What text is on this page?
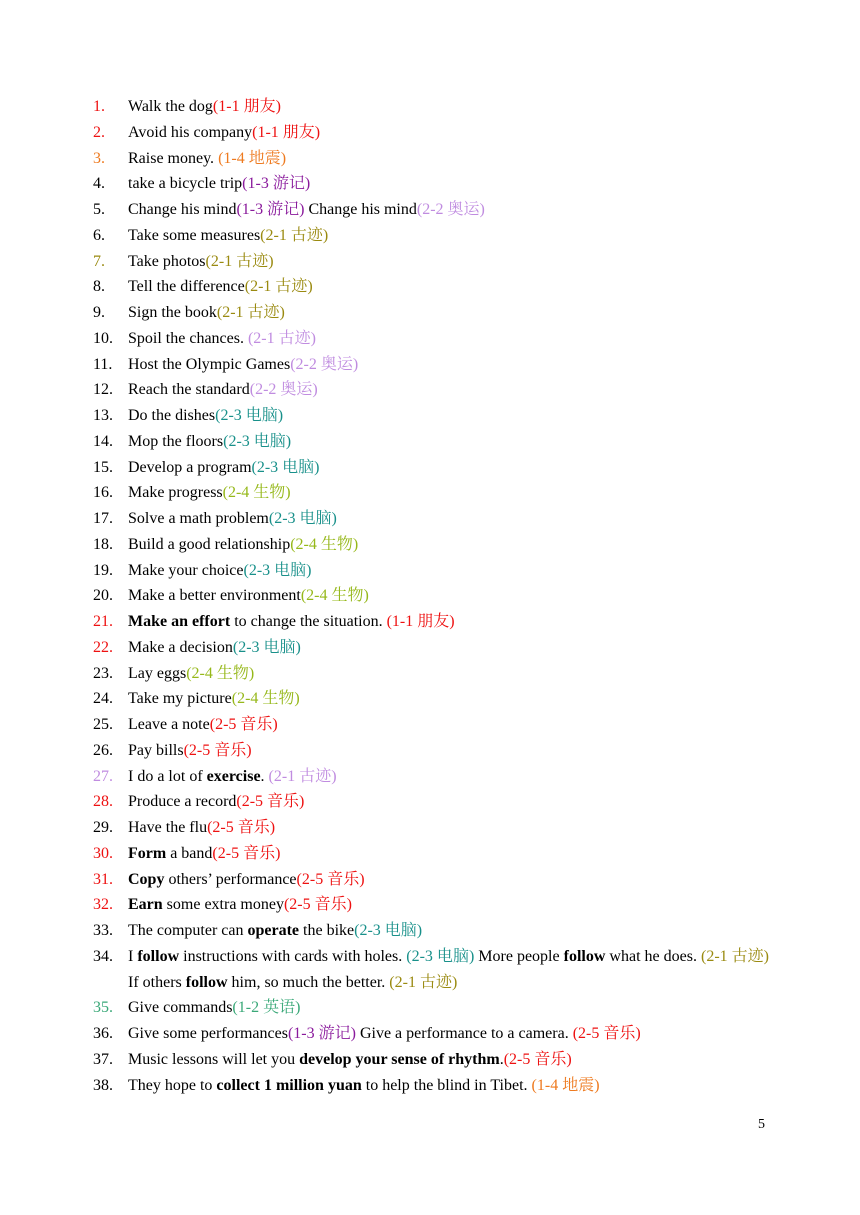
1.	Walk the dog(1-1 朋友)
2.	Avoid his company(1-1 朋友)
3.	Raise money. (1-4 地震)
4.	take a bicycle trip(1-3 游记)
5.	Change his mind(1-3 游记) Change his mind(2-2 奥运)
6.	Take some measures(2-1 古迹)
7.	Take photos(2-1 古迹)
8.	Tell the difference(2-1 古迹)
9.	Sign the book(2-1 古迹)
10. Spoil the chances. (2-1 古迹)
11. Host the Olympic Games(2-2 奥运)
12. Reach the standard(2-2 奥运)
13. Do the dishes(2-3 电脑)
14. Mop the floors(2-3 电脑)
15. Develop a program(2-3 电脑)
16. Make progress(2-4 生物)
17. Solve a math problem(2-3 电脑)
18. Build a good relationship(2-4 生物)
19. Make your choice(2-3 电脑)
20. Make a better environment(2-4 生物)
21. Make an effort to change the situation. (1-1 朋友)
22. Make a decision(2-3 电脑)
23. Lay eggs(2-4 生物)
24. Take my picture(2-4 生物)
25. Leave a note(2-5 音乐)
26. Pay bills(2-5 音乐)
27. I do a lot of exercise. (2-1 古迹)
28. Produce a record(2-5 音乐)
29. Have the flu(2-5 音乐)
30. Form a band(2-5 音乐)
31. Copy others’ performance(2-5 音乐)
32. Earn some extra money(2-5 音乐)
33. The computer can operate the bike(2-3 电脑)
34. I follow instructions with cards with holes. (2-3 电脑) More people follow what he does. (2-1 古迹) If others follow him, so much the better. (2-1 古迹)
35. Give commands(1-2 英语)
36. Give some performances(1-3 游记) Give a performance to a camera. (2-5 音乐)
37. Music lessons will let you develop your sense of rhythm.(2-5 音乐)
38. They hope to collect 1 million yuan to help the blind in Tibet. (1-4 地震)
5
